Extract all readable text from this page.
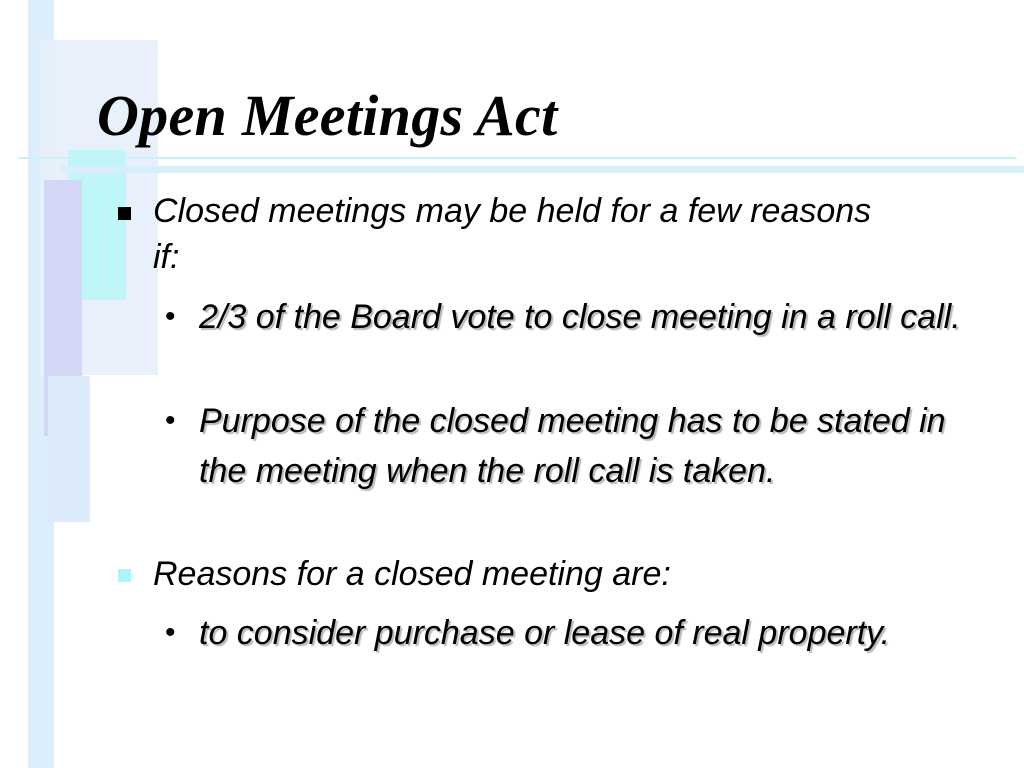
Open Meetings Act
Closed meetings may be held for a few reasons if:
• 2/3 of the Board vote to close meeting in a roll call.
• Purpose of the closed meeting has to be stated in the meeting when the roll call is taken.
Reasons for a closed meeting are:
• to consider purchase or lease of real property.
